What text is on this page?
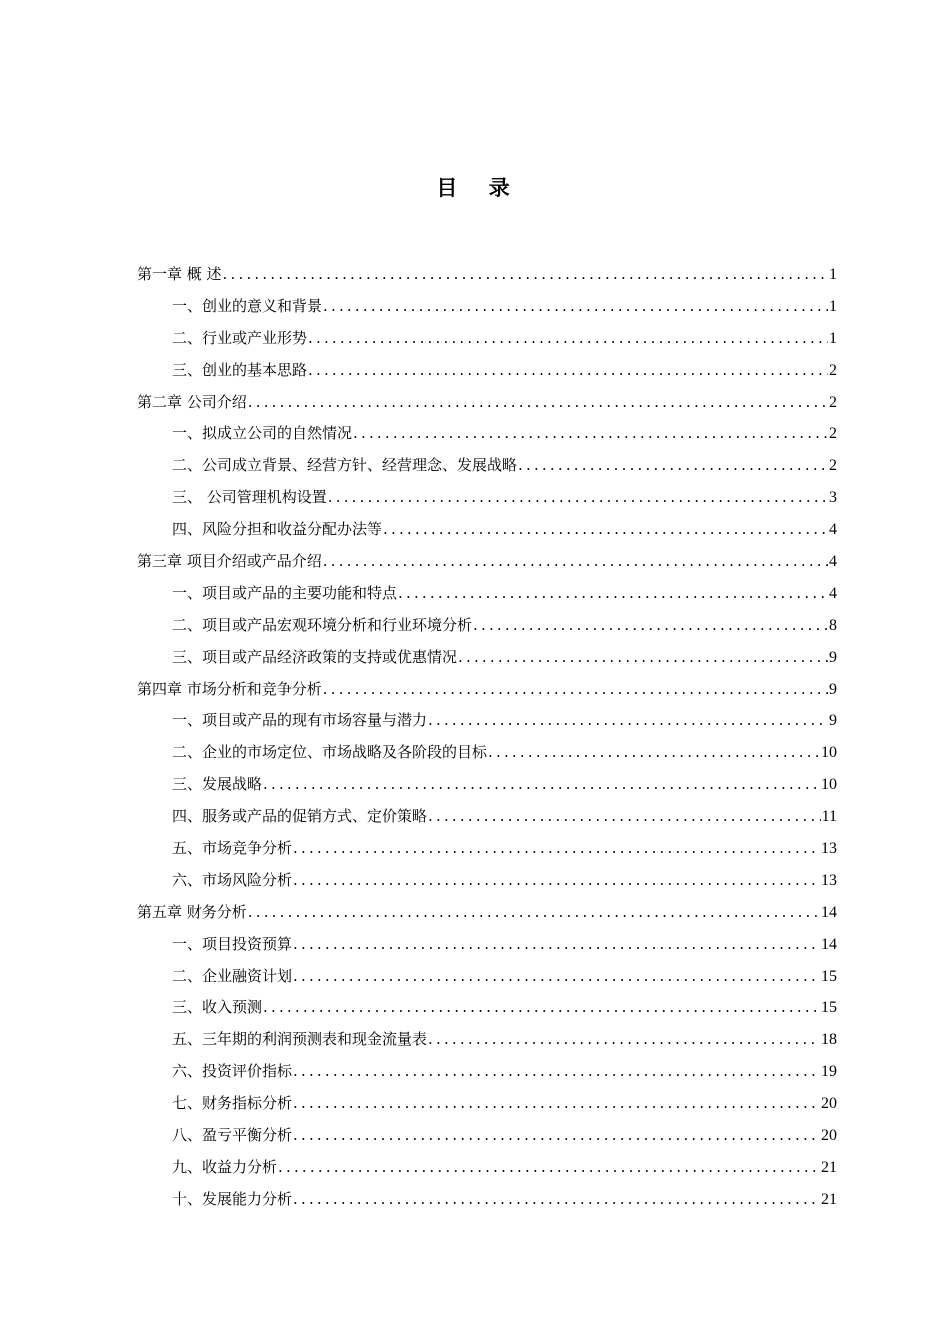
目 录
第一章 概 述 .....	1
一、创业的意义和背景 .....	1
二、行业或产业形势 .....	1
三、创业的基本思路 .....	2
第二章 公司介绍 .....	2
一、拟成立公司的自然情况 .....	2
二、公司成立背景、经营方针、经营理念、发展战略 .....	2
三、 公司管理机构设置 .....	3
四、风险分担和收益分配办法等 .....	4
第三章 项目介绍或产品介绍 .....	4
一、项目或产品的主要功能和特点 .....	4
二、项目或产品宏观环境分析和行业环境分析 .....	8
三、项目或产品经济政策的支持或优惠情况 .....	9
第四章 市场分析和竞争分析 .....	9
一、项目或产品的现有市场容量与潜力 .....	9
二、企业的市场定位、市场战略及各阶段的目标 .....	10
三、发展战略 .....	10
四、服务或产品的促销方式、定价策略 .....	11
五、市场竞争分析 .....	13
六、市场风险分析 .....	13
第五章 财务分析 .....	14
一、项目投资预算 .....	14
二、企业融资计划 .....	15
三、收入预测 .....	15
五、三年期的利润预测表和现金流量表 .....	18
六、投资评价指标 .....	19
七、财务指标分析 .....	20
八、盈亏平衡分析 .....	20
九、收益力分析 .....	21
十、发展能力分析 .....	21
